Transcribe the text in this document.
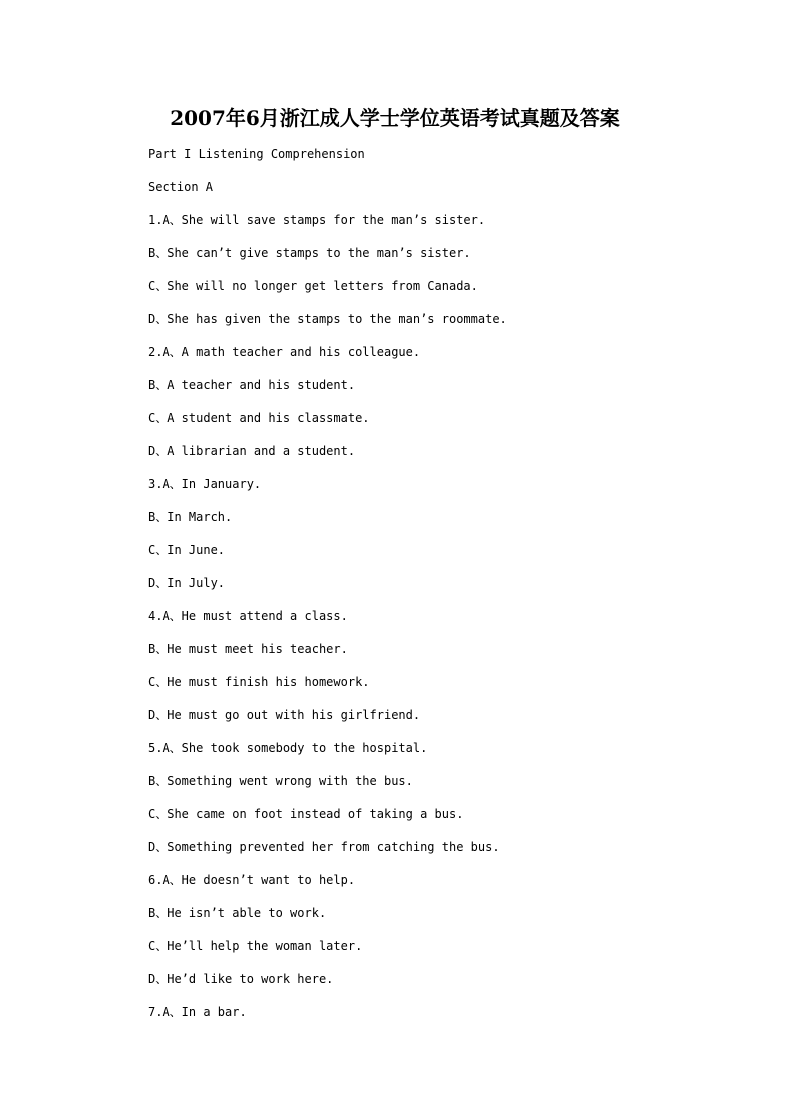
2007年6月浙江成人学士学位英语考试真题及答案
Part I Listening Comprehension
Section A
1.A、She will save stamps for the man’s sister.
B、She can’t give stamps to the man’s sister.
C、She will no longer get letters from Canada.
D、She has given the stamps to the man’s roommate.
2.A、A math teacher and his colleague.
B、A teacher and his student.
C、A student and his classmate.
D、A librarian and a student.
3.A、In January.
B、In March.
C、In June.
D、In July.
4.A、He must attend a class.
B、He must meet his teacher.
C、He must finish his homework.
D、He must go out with his girlfriend.
5.A、She took somebody to the hospital.
B、Something went wrong with the bus.
C、She came on foot instead of taking a bus.
D、Something prevented her from catching the bus.
6.A、He doesn’t want to help.
B、He isn’t able to work.
C、He’ll help the woman later.
D、He’d like to work here.
7.A、In a bar.
